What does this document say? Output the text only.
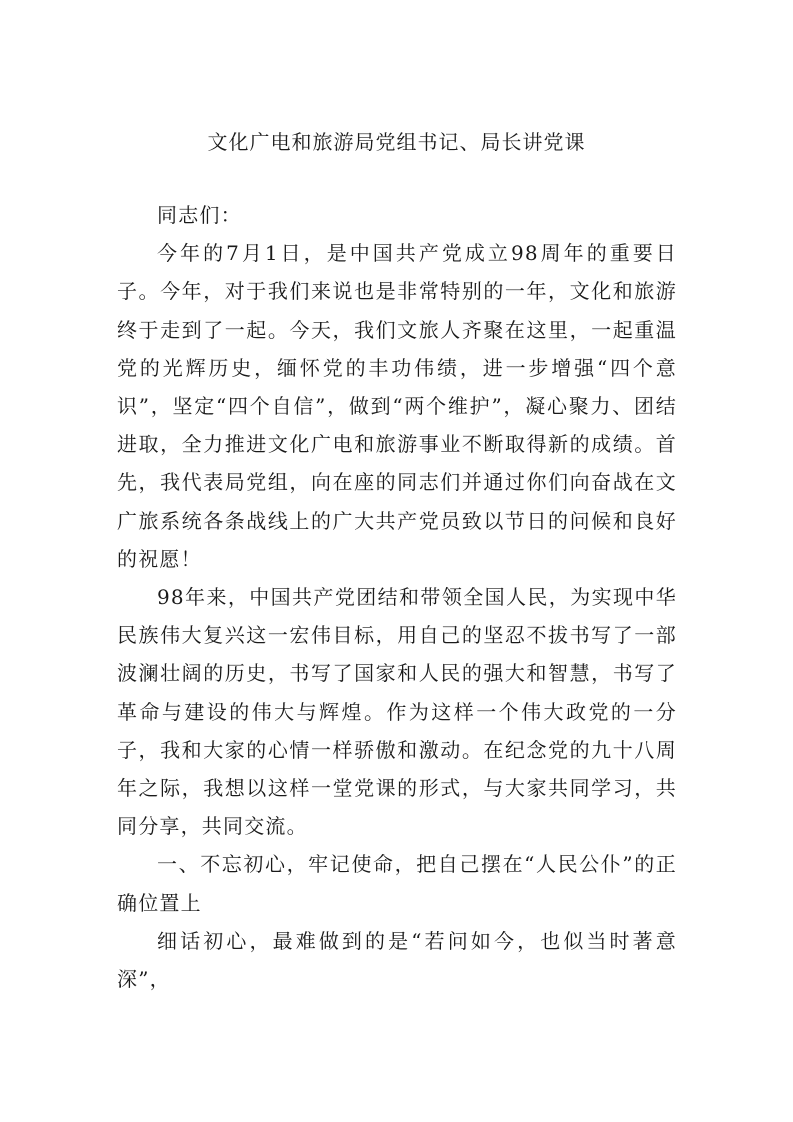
文化广电和旅游局党组书记、局长讲党课

同志们：

今年的7月1日，是中国共产党成立98周年的重要日子。今年，对于我们来说也是非常特别的一年，文化和旅游终于走到了一起。今天，我们文旅人齐聚在这里，一起重温党的光辉历史，缅怀党的丰功伟绩，进一步增强“四个意识”，坚定“四个自信”，做到“两个维护”，凝心聚力、团结进取，全力推进文化广电和旅游事业不断取得新的成绩。首先，我代表局党组，向在座的同志们并通过你们向奋战在文广旅系统各条战线上的广大共产党员致以节日的问候和良好的祝愿！

98年来，中国共产党团结和带领全国人民，为实现中华民族伟大复兴这一宏伟目标，用自己的坚忍不拔书写了一部波澜壮阔的历史，书写了国家和人民的强大和智慧，书写了革命与建设的伟大与辉煌。作为这样一个伟大政党的一分子，我和大家的心情一样骄傲和激动。在纪念党的九十八周年之际，我想以这样一堂党课的形式，与大家共同学习，共同分享，共同交流。

一、不忘初心，牢记使命，把自己摆在“人民公仆”的正确位置上

细话初心，最难做到的是“若问如今，也似当时著意深”，
